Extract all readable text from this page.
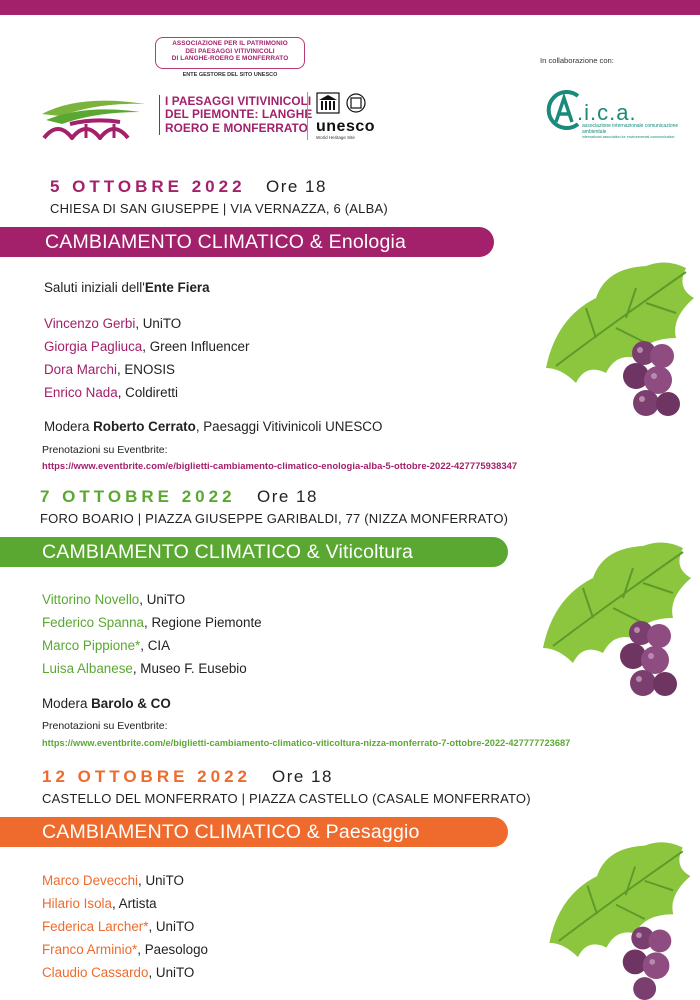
ASSOCIAZIONE PER IL PATRIMONIO
DEI PAESAGGI VITIVINICOLI
DI LANGHE-ROERO E MONFERRATO
ENTE GESTORE DEL SITO UNESCO
In collaborazione con:
I PAESAGGI VITIVINICOLI
DEL PIEMONTE: LANGHE
ROERO E MONFERRATO unesco
World Heritage Site
.i.c.a.
associazione internazionale comunicazione ambientale
international association for environmental communication
5 OTTOBRE 2022 Ore 18
CHIESA DI SAN GIUSEPPE | VIA VERNAZZA, 6 (ALBA)
CAMBIAMENTO CLIMATICO & Enologia
Saluti iniziali dell'Ente Fiera
Vincenzo Gerbi, UniTO
Giorgia Pagliuca, Green Influencer
Dora Marchi, ENOSIS
Enrico Nada, Coldiretti
Modera Roberto Cerrato, Paesaggi Vitivinicoli UNESCO
Prenotazioni su Eventbrite:
https://www.eventbrite.com/e/biglietti-cambiamento-climatico-enologia-alba-5-ottobre-2022-427775938347
7 OTTOBRE 2022 Ore 18
FORO BOARIO | PIAZZA GIUSEPPE GARIBALDI, 77 (NIZZA MONFERRATO)
CAMBIAMENTO CLIMATICO & Viticoltura
Vittorino Novello, UniTO
Federico Spanna, Regione Piemonte
Marco Pippione*, CIA
Luisa Albanese, Museo F. Eusebio
Modera Barolo & CO
Prenotazioni su Eventbrite:
https://www.eventbrite.com/e/biglietti-cambiamento-climatico-viticoltura-nizza-monferrato-7-ottobre-2022-427777723687
12 OTTOBRE 2022 Ore 18
CASTELLO DEL MONFERRATO | PIAZZA CASTELLO (CASALE MONFERRATO)
CAMBIAMENTO CLIMATICO & Paesaggio
Marco Devecchi, UniTO
Hilario Isola, Artista
Federica Larcher*, UniTO
Franco Arminio*, Paesologo
Claudio Cassardo, UniTO
